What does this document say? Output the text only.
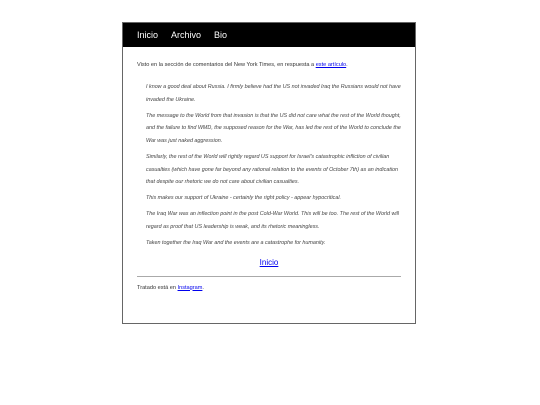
Inicio Archivo Bio

Visto en la sección de comentarios del New York Times, en respuesta a este artículo.

I know a good deal about Russia. I firmly believe had the US not invaded Iraq the Russians would not have invaded the Ukraine.

The message to the World from that invasion is that the US did not care what the rest of the World thought, and the failure to find WMD, the supposed reason for the War, has led the rest of the World to conclude the War was just naked aggression.

Similarly, the rest of the World will rightly regard US support for Israel's catastrophic infliction of civilian casualties (which have gone far beyond any rational relation to the events of October 7th) as an indication that despite our rhetoric we do not care about civilian casualties.

This makes our support of Ukraine - certainly the right policy - appear hypocritical.

The Iraq War was an inflection point in the post Cold-War World. This will be too. The rest of the World will regard as proof that US leadership is weak, and its rhetoric meaningless.

Taken together the Iraq War and the events are a catastrophe for humanity.

Inicio

Tratado está en Instagram.
